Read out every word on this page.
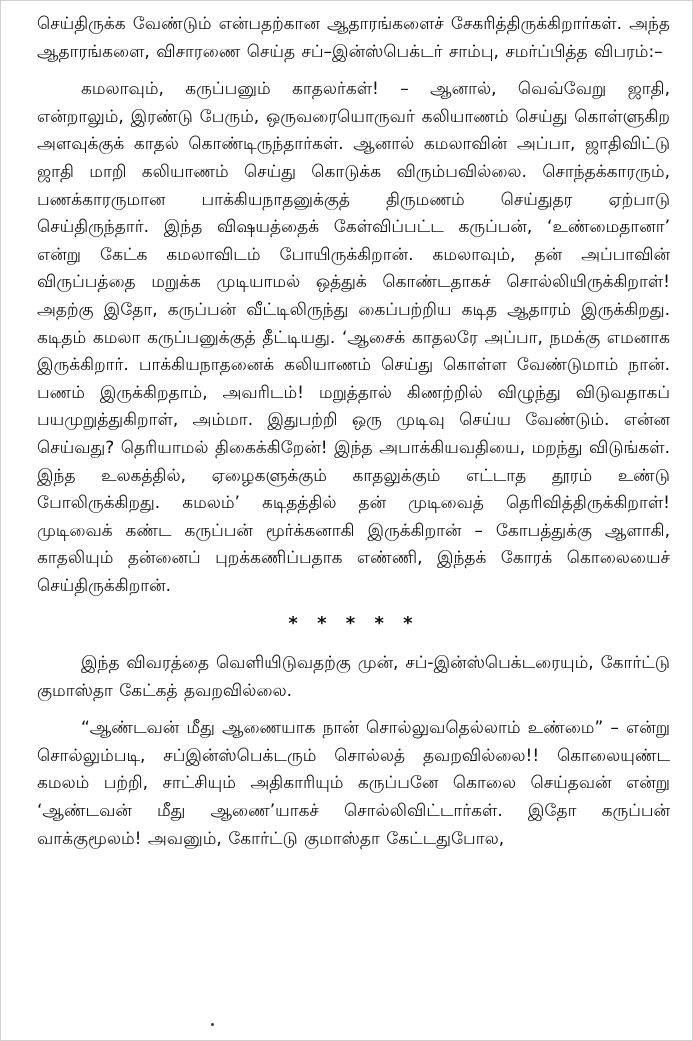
செய்திருக்க வேண்டும் என்பதற்கான ஆதாரங்களைச் சேகரித்திருக்கிறார்கள். அந்த ஆதாரங்களை, விசாரணை செய்த சப்–இன்ஸ்பெக்டர் சாம்பு, சமர்ப்பித்த விபரம்:–

கமலாவும், கருப்பனும் காதலர்கள்! – ஆனால், வெவ்வேறு ஜாதி, என்றாலும், இரண்டு பேரும், ஒருவரையொருவர் கலியாணம் செய்து கொள்ளுகிற அளவுக்குக் காதல் கொண்டிருந்தார்கள். ஆனால் கமலாவின் அப்பா, ஜாதிவிட்டு ஜாதி மாறி கலியாணம் செய்து கொடுக்க விரும்பவில்லை. சொந்தக்காரரும், பணக்காரருமான பாக்கியநாதனுக்குத் திருமணம் செய்துதர ஏற்பாடு செய்திருந்தார். இந்த விஷயத்தைக் கேள்விப்பட்ட கருப்பன், ‘உண்மைதானா’ என்று கேட்க கமலாவிடம் போயிருக்கிறான். கமலாவும், தன் அப்பாவின் விருப்பத்தை மறுக்க முடியாமல் ஒத்துக் கொண்டதாகச் சொல்லியிருக்கிறாள்! அதற்கு இதோ, கருப்பன் வீட்டிலிருந்து கைப்பற்றிய கடித ஆதாரம் இருக்கிறது. கடிதம் கமலா கருப்பனுக்குத் தீட்டியது. ‘ஆசைக் காதலரே அப்பா, நமக்கு எமனாக இருக்கிறார். பாக்கியநாதனைக் கலியாணம் செய்து கொள்ள வேண்டுமாம் நான். பணம் இருக்கிறதாம், அவரிடம்! மறுத்தால் கிணற்றில் விழுந்து விடுவதாகப் பயமுறுத்துகிறாள், அம்மா. இதுபற்றி ஒரு முடிவு செய்ய வேண்டும். என்ன செய்வது? தெரியாமல் திகைக்கிறேன்! இந்த அபாக்கியவதியை, மறந்து விடுங்கள். இந்த உலகத்தில், ஏழைகளுக்கும் காதலுக்கும் எட்டாத தூரம் உண்டு போலிருக்கிறது. கமலம்’ கடிதத்தில் தன் முடிவைத் தெரிவித்திருக்கிறாள்! முடிவைக் கண்ட கருப்பன் மூர்க்கனாகி இருக்கிறான் – கோபத்துக்கு ஆளாகி, காதலியும் தன்னைப் புறக்கணிப்பதாக எண்ணி, இந்தக் கோரக் கொலையைச் செய்திருக்கிறான்.

* * * * *

இந்த விவரத்தை வெளியிடுவதற்கு முன், சப்-இன்ஸ்பெக்டரையும், கோர்ட்டு குமாஸ்தா கேட்கத் தவறவில்லை.

“ஆண்டவன் மீது ஆணையாக நான் சொல்லுவதெல்லாம் உண்மை” – என்று சொல்லும்படி, சப்இன்ஸ்பெக்டரும் சொல்லத் தவறவில்லை!! கொலையுண்ட கமலம் பற்றி, சாட்சியும் அதிகாரியும் கருப்பனே கொலை செய்தவன் என்று ‘ஆண்டவன் மீது ஆணை’யாகச் சொல்லிவிட்டார்கள். இதோ கருப்பன் வாக்குமூலம்! அவனும், கோர்ட்டு குமாஸ்தா கேட்டதுபோல,
